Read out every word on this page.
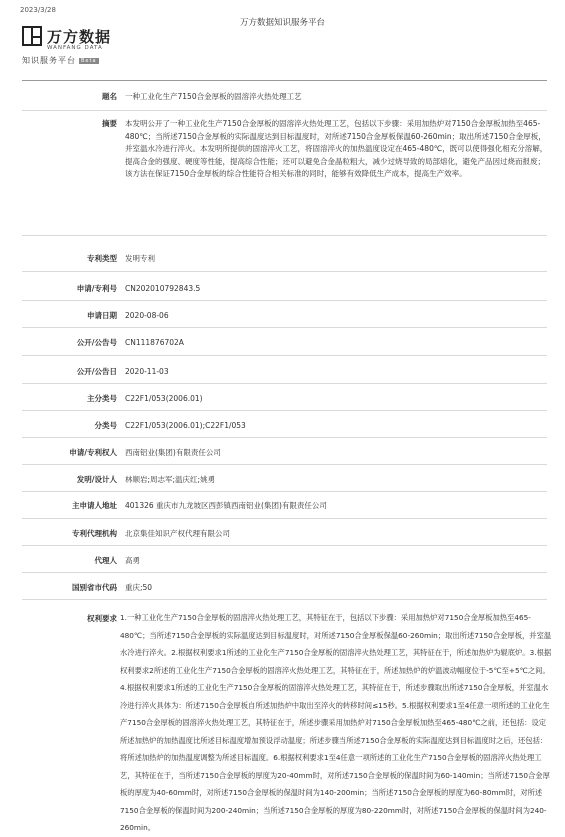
2023/3/28
万方数据知识服务平台
万方数据
WANFANG DATA
知识服务平台 Beta
题名 一种工业化生产7150合金厚板的固溶淬火热处理工艺
摘要 本发明公开了一种工业化生产7150合金厚板的固溶淬火热处理工艺，包括以下步骤：采用加热炉对7150合金厚板加热至465-480℃；当所述7150合金厚板的实际温度达到目标温度时，对所述7150合金厚板保温60-260min；取出所述7150合金厚板，并室温水冷进行淬火。本发明所提供的固溶淬火工艺，将固溶淬火的加热温度设定在465-480℃，既可以使得强化相充分溶解，提高合金的强度、硬度等性能，提高综合性能；还可以避免合金晶粒粗大，减少过烧导致的局部熔化，避免产品因过烧而报废；该方法在保证7150合金厚板的综合性能符合相关标准的同时，能够有效降低生产成本，提高生产效率。
专利类型 发明专利
申请/专利号 CN202010792843.5
申请日期 2020-08-06
公开/公告号 CN111876702A
公开/公告日 2020-11-03
主分类号 C22F1/053(2006.01)
分类号 C22F1/053(2006.01);C22F1/053
申请/专利权人 西南铝业(集团)有限责任公司
发明/设计人 林顺岩;周志军;温庆红;姚勇
主申请人地址 401326 重庆市九龙坡区西彭镇西南铝业(集团)有限责任公司
专利代理机构 北京集佳知识产权代理有限公司
代理人 高勇
国别省市代码 重庆;50
权利要求 1.一种工业化生产7150合金厚板的固溶淬火热处理工艺，其特征在于，包括以下步骤：采用加热炉对7150合金厚板加热至465-480℃；当所述7150合金厚板的实际温度达到目标温度时，对所述7150合金厚板保温60-260min；取出所述7150合金厚板，并室温水冷进行淬火。2.根据权利要求1所述的工业化生产7150合金厚板的固溶淬火热处理工艺，其特征在于，所述加热炉为辊底炉。3.根据权利要求2所述的工业化生产7150合金厚板的固溶淬火热处理工艺，其特征在于，所述加热炉的炉温波动幅度位于-5℃至+5℃之间。4.根据权利要求1所述的工业化生产7150合金厚板的固溶淬火热处理工艺，其特征在于，所述步骤取出所述7150合金厚板，并室温水冷进行淬火具体为：所述7150合金厚板自所述加热炉中取出至淬火的转移时间≤15秒。5.根据权利要求1至4任意一项所述的工业化生产7150合金厚板的固溶淬火热处理工艺，其特征在于，所述步骤采用加热炉对7150合金厚板加热至465-480℃之前，还包括：设定所述加热炉的加热温度比所述目标温度增加预设浮动温度；所述步骤当所述7150合金厚板的实际温度达到目标温度时之后，还包括：将所述加热炉的加热温度调整为所述目标温度。6.根据权利要求1至4任意一项所述的工业化生产7150合金厚板的固溶淬火热处理工艺，其特征在于，当所述7150合金厚板的厚度为20-40mm时，对所述7150合金厚板的保温时间为60-140min；当所述7150合金厚板的厚度为40-60mm时，对所述7150合金厚板的保温时间为140-200min；当所述7150合金厚板的厚度为60-80mm时，对所述7150合金厚板的保温时间为200-240min；当所述7150合金厚板的厚度为80-220mm时，对所述7150合金厚板的保温时间为240-260min。
